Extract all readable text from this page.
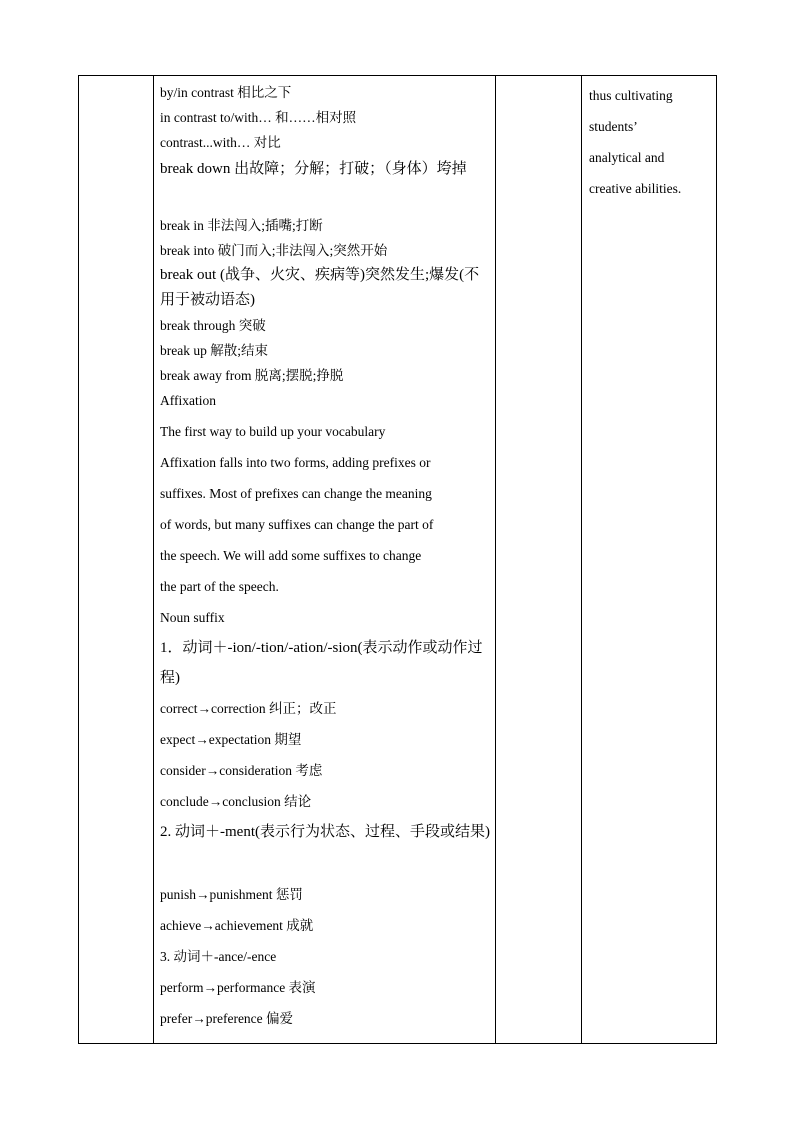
by/in contrast 相比之下

in contrast to/with… 和……相对照

contrast...with… 对比

break down 出故障；分解；打破；（身体）垮掉

break in 非法闯入;插嘴;打断

break into 破门而入;非法闯入;突然开始

break out (战争、火灾、疾病等)突然发生;爆发(不用于被动语态)

break through 突破

break up 解散;结束

break away from 脱离;摆脱;挣脱

Affixation

The first way to build up your vocabulary

Affixation falls into two forms, adding prefixes or

suffixes. Most of prefixes can change the meaning

of words, but many suffixes can change the part of

the speech. We will add some suffixes to change

the part of the speech.

Noun suffix

1．动词＋-ion/-tion/-ation/-sion(表示动作或动作过程)

correct→correction 纠正；改正

expect→expectation 期望

consider→consideration 考虑

conclude→conclusion 结论

2. 动词＋-ment(表示行为状态、过程、手段或结果)

punish→punishment 惩罚

achieve→achievement 成就

3. 动词＋-ance/-ence

perform→performance 表演

prefer→preference 偏爱

thus cultivating

students’

analytical and

creative abilities.
